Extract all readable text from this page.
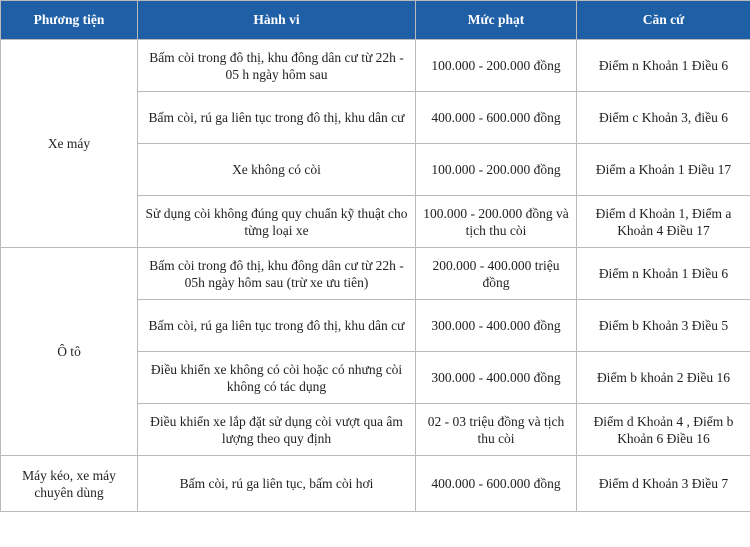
Phương tiện	Hành vi	Mức phạt	Căn cứ
Xe máy	Bấm còi trong đô thị, khu đông dân cư từ 22h - 05 h ngày hôm sau	100.000 - 200.000 đồng	Điểm n Khoản 1 Điều 6
	Bấm còi, rú ga liên tục trong đô thị, khu dân cư	400.000 - 600.000 đồng	Điểm c Khoản 3, điều 6
	Xe không có còi	100.000 - 200.000 đồng	Điểm a Khoản 1 Điều 17
	Sử dụng còi không đúng quy chuẩn kỹ thuật cho từng loại xe	100.000 - 200.000 đồng và tịch thu còi	Điểm d Khoản 1, Điểm a Khoản 4 Điều 17
Ô tô	Bấm còi trong đô thị, khu đông dân cư từ 22h - 05h ngày hôm sau (trừ xe ưu tiên)	200.000 - 400.000 triệu đồng	Điểm n Khoản 1 Điều 6
	Bấm còi, rú ga liên tục trong đô thị, khu dân cư	300.000 - 400.000 đồng	Điểm b Khoản 3 Điều 5
	Điều khiển xe không có còi hoặc có nhưng còi không có tác dụng	300.000 - 400.000 đồng	Điểm b khoản 2 Điều 16
	Điều khiển xe lắp đặt sử dụng còi vượt qua âm lượng theo quy định	02 - 03 triệu đồng và tịch thu còi	Điểm d Khoản 4 , Điểm b Khoản 6 Điều 16
Máy kéo, xe máy chuyên dùng	Bấm còi, rú ga liên tục, bấm còi hơi	400.000 - 600.000 đồng	Điểm d Khoản 3 Điều 7
